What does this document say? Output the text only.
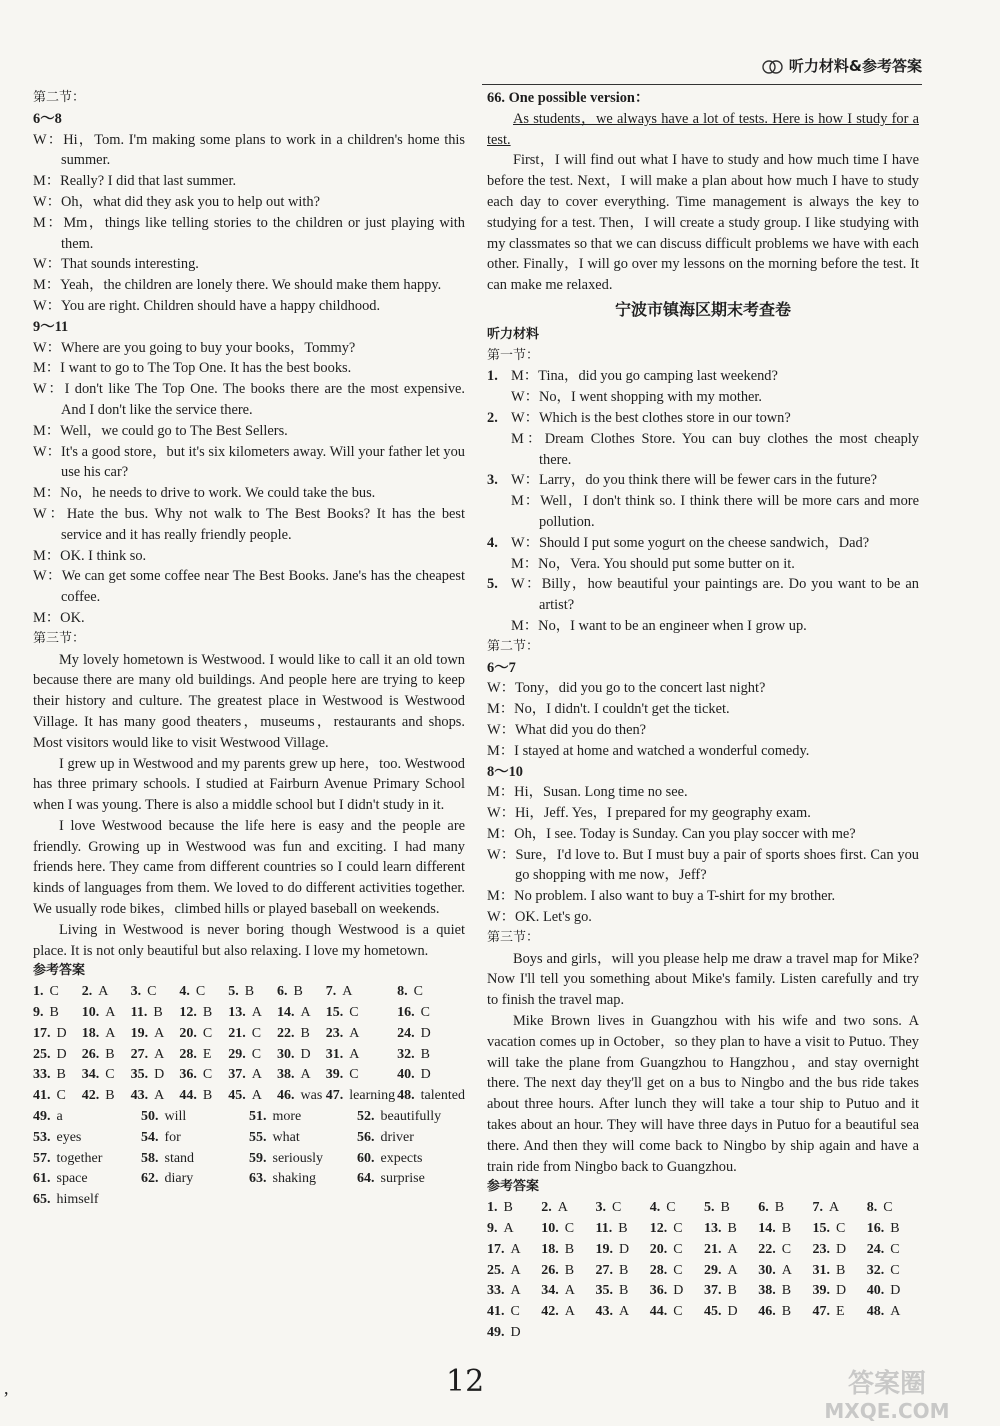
听力材料&参考答案
第二节：
6～8

W：Hi，Tom. I'm making some plans to work in a children's home this summer.

M：Really? I did that last summer.

W：Oh，what did they ask you to help out with?

M：Mm，things like telling stories to the children or just playing with them.

W：That sounds interesting.

M：Yeah，the children are lonely there. We should make them happy.

W：You are right. Children should have a happy childhood.

9～11

W：Where are you going to buy your books，Tommy?

M：I want to go to The Top One. It has the best books.

W：I don't like The Top One. The books there are the most expensive. And I don't like the service there.

M：Well，we could go to The Best Sellers.

W：It's a good store，but it's six kilometers away. Will your father let you use his car?

M：No，he needs to drive to work. We could take the bus.

W：Hate the bus. Why not walk to The Best Books? It has the best service and it has really friendly people.

M：OK. I think so.

W：We can get some coffee near The Best Books. Jane's has the cheapest coffee.

M：OK.

第三节：

My lovely hometown is Westwood. I would like to call it an old town because there are many old buildings. And people here are trying to keep their history and culture. The greatest place in Westwood is Westwood Village. It has many good theaters，museums，restaurants and shops. Most visitors would like to visit Westwood Village.

I grew up in Westwood and my parents grew up here，too. Westwood has three primary schools. I studied at Fairburn Avenue Primary School when I was young. There is also a middle school but I didn't study in it.

I love Westwood because the life here is easy and the people are friendly. Growing up in Westwood was fun and exciting. I had many friends here. They came from different countries so I could learn different kinds of languages from them. We loved to do different activities together. We usually rode bikes，climbed hills or played baseball on weekends.

Living in Westwood is never boring though Westwood is a quiet place. It is not only beautiful but also relaxing. I love my hometown.

参考答案
1. C	2. A	3. C	4. C	5. B	6. B	7. A	8. C
9. B	10. A	11. B	12. B	13. A	14. A	15. C	16. C
17. D	18. A	19. A	20. C	21. C	22. B	23. A	24. D
25. D	26. B	27. A	28. E	29. C	30. D	31. A	32. B
33. B	34. C	35. D	36. C	37. A	38. A	39. C	40. D
41. C	42. B	43. A	44. B	45. A	46. was 47. learning 48. talented
49. a	50. will	51. more	52. beautifully
53. eyes	54. for	55. what	56. driver
57. together	58. stand	59. seriously	60. expects
61. space	62. diary	63. shaking	64. surprise
65. himself
66. One possible version：

As students，we always have a lot of tests. Here is how I study for a test.

First，I will find out what I have to study and how much time I have before the test. Next，I will make a plan about how much I have to study each day to cover everything. Time management is always the key to studying for a test. Then，I will create a study group. I like studying with my classmates so that we can discuss difficult problems we have with each other. Finally，I will go over my lessons on the morning before the test. It can make me relaxed.

宁波市镇海区期末考查卷
听力材料
第一节：
1. M：Tina，did you go camping last weekend?
W：No，I went shopping with my mother.
2. W：Which is the best clothes store in our town?
M：Dream Clothes Store. You can buy clothes the most cheaply there.
3. W：Larry，do you think there will be fewer cars in the future?
M：Well，I don't think so. I think there will be more cars and more pollution.
4. W：Should I put some yogurt on the cheese sandwich，Dad?
M：No，Vera. You should put some butter on it.
5. W：Billy，how beautiful your paintings are. Do you want to be an artist?
M：No，I want to be an engineer when I grow up.
第二节：
6～7

W：Tony，did you go to the concert last night?

M：No，I didn't. I couldn't get the ticket.

W：What did you do then?

M：I stayed at home and watched a wonderful comedy.

8～10

M：Hi，Susan. Long time no see.

W：Hi，Jeff. Yes，I prepared for my geography exam.

M：Oh，I see. Today is Sunday. Can you play soccer with me?

W：Sure，I'd love to. But I must buy a pair of sports shoes first. Can you go shopping with me now，Jeff?

M：No problem. I also want to buy a T-shirt for my brother.

W：OK. Let's go.

第三节：

Boys and girls，will you please help me draw a travel map for Mike? Now I'll tell you something about Mike's family. Listen carefully and try to finish the travel map.

Mike Brown lives in Guangzhou with his wife and two sons. A vacation comes up in October，so they plan to have a visit to Putuo. They will take the plane from Guangzhou to Hangzhou，and stay overnight there. The next day they'll get on a bus to Ningbo and the bus ride takes about three hours. After lunch they will take a tour ship to Putuo and it takes about an hour. They will have three days in Putuo for a beautiful sea there. And then they will come back to Ningbo by ship again and have a train ride from Ningbo back to Guangzhou.

参考答案
1. B	2. A	3. C	4. C	5. B	6. B	7. A	8. C
9. A	10. C	11. B	12. C	13. B	14. B	15. C	16. B
17. A	18. B	19. D	20. C	21. A	22. C	23. D	24. C
25. A	26. B	27. B	28. C	29. A	30. A	31. B	32. C
33. A	34. A	35. B	36. D	37. B	38. B	39. D	40. D
41. C	42. A	43. A	44. C	45. D	46. B	47. E	48. A
49. D
,	12	答案圈
MXQE.COM
